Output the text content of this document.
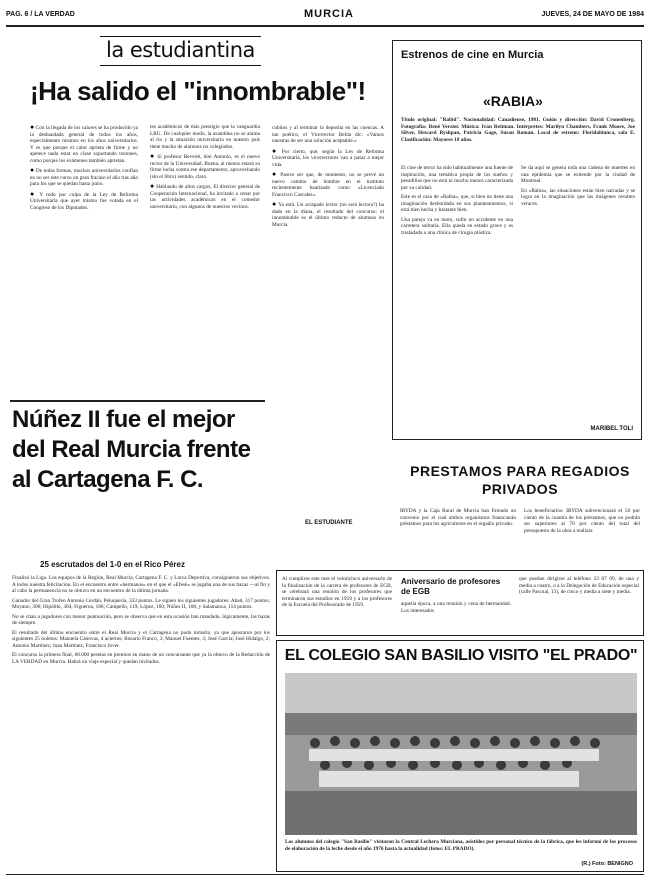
PAG. 6 / LA VERDAD	MURCIA	JUEVES, 24 DE MAYO DE 1984
la estudiantina
¡Ha salido el "innombrable"!

● Con la llegada de los calores se ha producido ya la desbandada general de todos los años, especialmente mismos en los años universitarios. Y es que porque el calor aprieta de firme y no apetece nada estar en clase soportando tostones, como porque los exámenes también aprietan.

● De todas formas, muchos universitarios confían en no ser este curso un gran fracaso el año tras año para los que se quedan hasta junio.

● Y todo por culpa de la Ley de Reforma Universitaria que ayer mismo fue votada en el Congreso de los Diputados.

tes académicos de más prestigio que la vanguardia LRU. De cualquier modo, la asamblea no se anima al río y la situación universitaria en nuestro país tiene mucho de alumnos no colegiados.

● Si profesor Reverté, don Antonio, es el nuevo rector de la Universidad. Buena, al menos estará su firme lucha contra ese departamento, aprovechando (sin el libro) sentido, claro.

● Hablando de altos cargos, El director general de Cooperación Internacional, ha invitado a cenar por las actividades académicas en el comedor universitario, con algunos de nuestros vecinos.

cubitos y al terminar la deposita en las cuencas. A tan poético, el Vicerrector Belda dic: «Vamos nuestras de ser una solución aceptable.»

● Por cierto, que, según la Ley de Reforma Universitaria, los vicerrectores van a pasar a mejor vida.

● Parece ser que, de momento, no se prevé un nuevo cambio de hombre en el instituto recientemente bautizado como «Licenciado Francisco Cascales».

● Ya está. Un avispado lector (no será lectora?) ha dado en la diana, el resultado del concurso: el innombrable es el último reducto de alumnos en Murcia.

EL ESTUDIANTE
Núñez II fue el mejor del Real Murcia frente al Cartagena F. C.
25 escrutados del 1-0 en el Rico Pérez

Finalizó la Liga. Los equipos de la Región, Real Murcia, Cartagena F. C. y Lorca Deportiva, consiguieron sus objetivos. A todos nuestra felicitación. En el encuentro entre «hermanos» en el que el «Efesé» se jugaba una de sus bazas —al fin y al cabo la permanencia no se obtuvo en un encuentro de la última jornada.

Ganador del Gran Trofeo Antonio Cerdán, Peluquería, 333 puntos. Le siguen los siguientes jugadores: Abad, 317 puntos; Moyano, 306; Hipólito, 304; Figueroa, 186; Campello, 119; López, 160; Núñez II, 108, y Salamanca, 114 puntos.

No se citan a jugadores con menor puntuación, pero se observa que en esta ocasión han mandado, lógicamente, las bazas de siempre.

El resultado del último encuentro entre el Real Murcia y el Cartagena no pudo tomarlo, ya que apostaron por los siguientes 25 boletos: Manuela Cánovas, 4 aciertos; Rosario Franco, 3; Manuel Fuentes, 3; José García; José Hidalgo, 2; Antonio Martínez; Juan Martínez; Francisco Jover.

El concurso la primera final, 60.000 pesetas en premios en mano de un concursante que ya la obtuvo de la Redacción de LA VERDAD en Murcia. Habrá un viaje especial y quedan invitados.

Estrenos de cine en Murcia
«RABIA»
Título original: "Rabid". Nacionalidad: Canadiense, 1981. Guión y dirección: David Cronenberg. Fotografía: René Verzier. Música: Ivan Reitman. Intérpretes: Marilyn Chambers, Frank Moore, Joe Silver, Howard Ryshpan, Patricia Gage, Susan Roman. Local de estreno: Floridablanca, sala E. Clasificación: Mayores 18 años.

El cine de terror ha sido habitualmente una fuente de inspiración, una temática propia de los sueños y pesadillas que no está ni mucho menos caracterizada por su calidad.

Este es el caso de «Rabia», que, si bien no tiene una imaginación desbordada en sus planteamientos, sí está bien hecha y bastante bien.

Una pareja va en moto, sufre un accidente en una carretera solitaria. Ella queda en estado grave y es trasladada a una clínica de cirugía plástica.

Se da aquí se genera toda una cadena de muertes en una epidemia que se extiende por la ciudad de Montreal.

En «Rabia», las situaciones están bien narradas y se logra en la imaginación que las imágenes resulten veraces.

MARIBEL TOLI
PRESTAMOS PARA REGADIOS PRIVADOS
IRYDA y la Caja Rural de Murcia han firmado un convenio por el cual ambos organismos financiarán préstamos para los agricultores en el regadío privado.
Los beneficiarios: IRYDA subvencionará el 50 por ciento de la cuantía de los préstamos, que no podrán ser superiores al 70 por ciento del total del presupuesto de la obra a realizar.
Al cumplirse este mes el veinticinco aniversario de la finalización de la carrera de profesores de EGB, se celebrará una reunión de los profesores que terminaron sus estudios en 1959 y a los profesores de la Escuela del Profesorado de 1959.
Aniversario de profesores de EGB
aquella época, a una reunión y cena de hermandad. Los interesados
que puedan dirigirse al teléfono 23 07 09, de una y media a cuatro, o a la Delegación de Educación especial (calle Pascual, 13), de cinco y media a siete y media.
EL COLEGIO SAN BASILIO VISITO "EL PRADO"
Los alumnos del colegio "San Basilio" visitaron la Central Lechera Murciana, asistidos por personal técnico de la fábrica, que les informó de los procesos de elaboración de la leche desde el año 1976 hasta la actualidad (fotos: EL PRADO).
(R.) Foto: BENIGNO
